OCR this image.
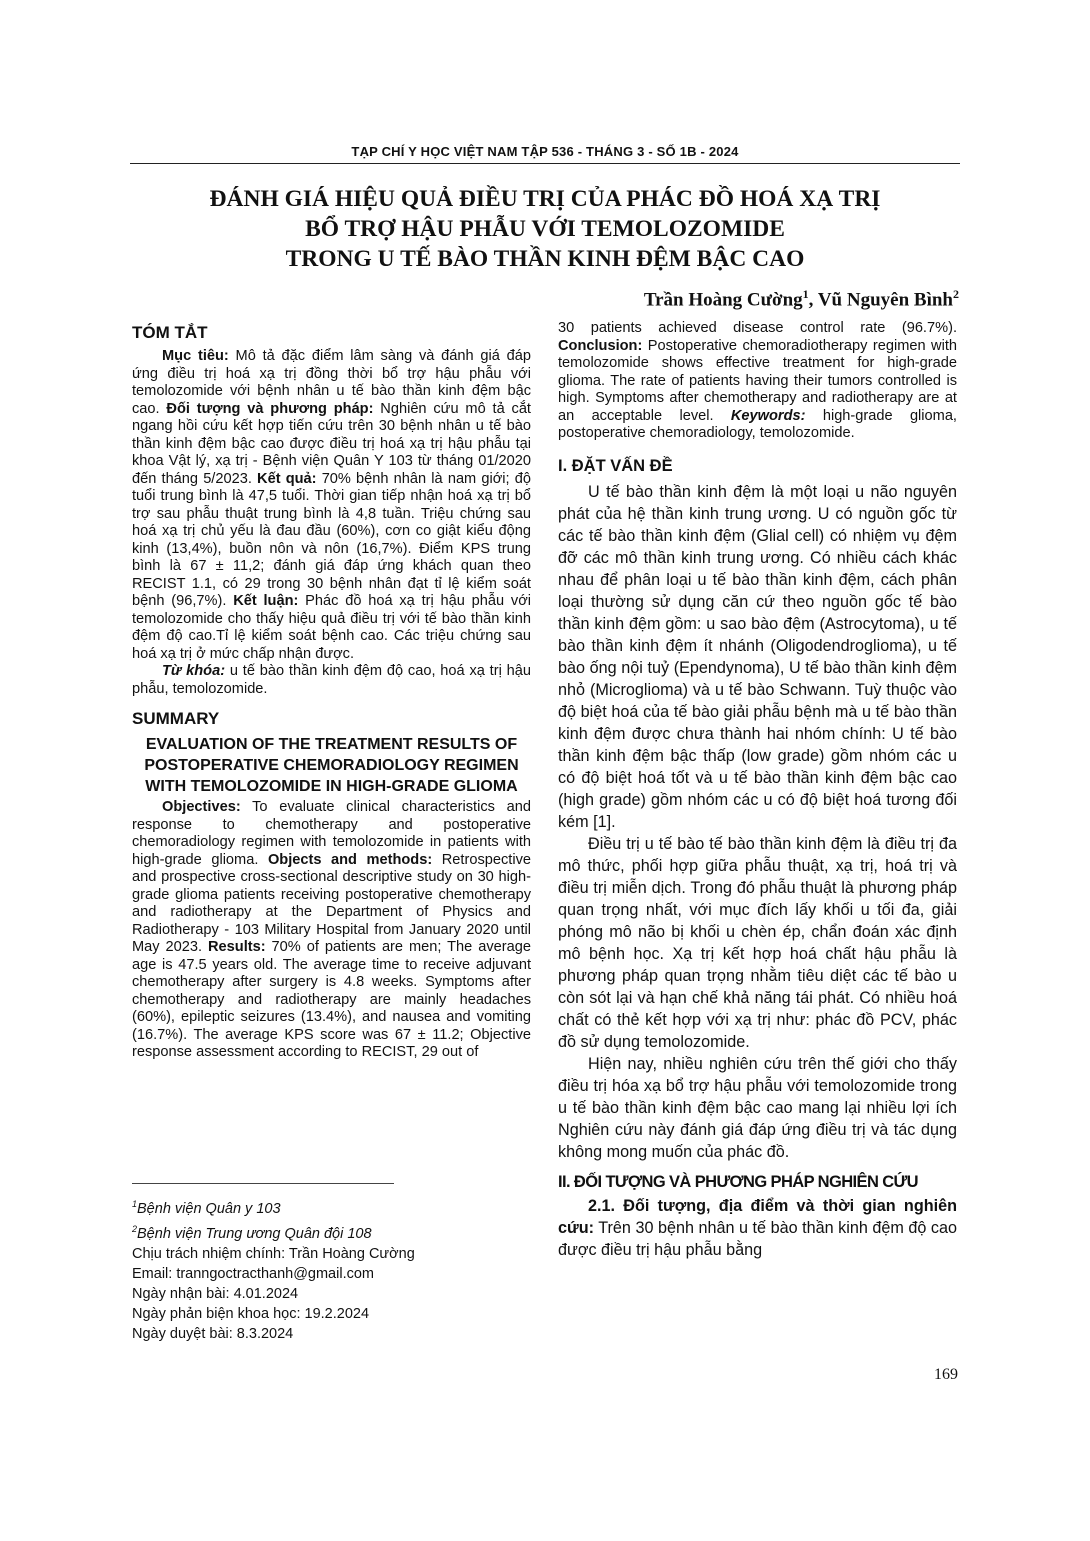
TẠP CHÍ Y HỌC VIỆT NAM TẬP 536 - THÁNG 3 - SỐ 1B - 2024
ĐÁNH GIÁ HIỆU QUẢ ĐIỀU TRỊ CỦA PHÁC ĐỒ HOÁ XẠ TRỊ
BỔ TRỢ HẬU PHẪU VỚI TEMOLOZOMIDE
TRONG U TẾ BÀO THẦN KINH ĐỆM BẬC CAO
Trần Hoàng Cường$^1$, Vũ Nguyên Bình$^2$
TÓM TẮT

Mục tiêu: Mô tả đặc điểm lâm sàng và đánh giá đáp ứng điều trị hoá xạ trị đồng thời bổ trợ hậu phẫu với temolozomide với bệnh nhân u tế bào thần kinh đệm bậc cao. Đối tượng và phương pháp: Nghiên cứu mô tả cắt ngang hồi cứu kết hợp tiến cứu trên 30 bệnh nhân u tế bào thần kinh đệm bậc cao được điều trị hoá xạ trị hậu phẫu tại khoa Vật lý, xạ trị - Bệnh viện Quân Y 103 từ tháng 01/2020 đến tháng 5/2023. Kết quả: 70% bệnh nhân là nam giới; độ tuổi trung bình là 47,5 tuổi. Thời gian tiếp nhận hoá xạ trị bổ trợ sau phẫu thuật trung bình là 4,8 tuần. Triệu chứng sau hoá xạ trị chủ yếu là đau đầu (60%), cơn co giật kiểu động kinh (13,4%), buồn nôn và nôn (16,7%). Điểm KPS trung bình là 67 ± 11,2; đánh giá đáp ứng khách quan theo RECIST 1.1, có 29 trong 30 bệnh nhân đạt tỉ lệ kiểm soát bệnh (96,7%). Kết luận: Phác đồ hoá xạ trị hậu phẫu với temolozomide cho thấy hiệu quả điều trị với tế bào thần kinh đệm độ cao.Tỉ lệ kiểm soát bệnh cao. Các triệu chứng sau hoá xạ trị ở mức chấp nhận được.

Từ khóa: u tế bào thần kinh đệm độ cao, hoá xạ trị hậu phẫu, temolozomide.

SUMMARY
EVALUATION OF THE TREATMENT RESULTS OF POSTOPERATIVE CHEMORADIOLOGY REGIMEN WITH TEMOLOZOMIDE IN HIGH-GRADE GLIOMA

Objectives: To evaluate clinical characteristics and response to chemotherapy and postoperative chemoradiology regimen with temolozomide in patients with high-grade glioma. Objects and methods: Retrospective and prospective cross-sectional descriptive study on 30 high-grade glioma patients receiving postoperative chemotherapy and radiotherapy at the Department of Physics and Radiotherapy - 103 Military Hospital from January 2020 until May 2023. Results: 70% of patients are men; The average age is 47.5 years old. The average time to receive adjuvant chemotherapy after surgery is 4.8 weeks. Symptoms after chemotherapy and radiotherapy are mainly headaches (60%), epileptic seizures (13.4%), and nausea and vomiting (16.7%). The average KPS score was 67 ± 11.2; Objective response assessment according to RECIST, 29 out of

$^1$Bệnh viện Quân y 103
$^2$Bệnh viện Trung ương Quân đội 108
Chịu trách nhiệm chính: Trần Hoàng Cường
Email: tranngoctracthanh@gmail.com
Ngày nhận bài: 4.01.2024
Ngày phản biện khoa học: 19.2.2024
Ngày duyệt bài: 8.3.2024

30 patients achieved disease control rate (96.7%). Conclusion: Postoperative chemoradiotherapy regimen with temolozomide shows effective treatment for high-grade glioma. The rate of patients having their tumors controlled is high. Symptoms after chemotherapy and radiotherapy are at an acceptable level. Keywords: high-grade glioma, postoperative chemoradiology, temolozomide.

I. ĐẶT VẤN ĐỀ

U tế bào thần kinh đệm là một loại u não nguyên phát của hệ thần kinh trung ương. U có nguồn gốc từ các tế bào thần kinh đệm (Glial cell) có nhiệm vụ đệm đỡ các mô thần kinh trung ương. Có nhiều cách khác nhau để phân loại u tế bào thần kinh đệm, cách phân loại thường sử dụng căn cứ theo nguồn gốc tế bào thần kinh đệm gồm: u sao bào đệm (Astrocytoma), u tế bào thần kinh đệm ít nhánh (Oligodendroglioma), u tế bào ống nội tuỷ (Ependynoma), U tế bào thần kinh đệm nhỏ (Microglioma) và u tế bào Schwann. Tuỳ thuộc vào độ biệt hoá của tế bào giải phẫu bệnh mà u tế bào thần kinh đệm được chưa thành hai nhóm chính: U tế bào thần kinh đệm bậc thấp (low grade) gồm nhóm các u có độ biệt hoá tốt và u tế bào thần kinh đệm bậc cao (high grade) gồm nhóm các u có độ biệt hoá tương đối kém [1].

Điều trị u tế bào tế bào thần kinh đệm là điều trị đa mô thức, phối hợp giữa phẫu thuật, xạ trị, hoá trị và điều trị miễn dịch. Trong đó phẫu thuật là phương pháp quan trọng nhất, với mục đích lấy khối u tối đa, giải phóng mô não bị khối u chèn ép, chẩn đoán xác định mô bệnh học. Xạ trị kết hợp hoá chất hậu phẫu là phương pháp quan trọng nhằm tiêu diệt các tế bào u còn sót lại và hạn chế khả năng tái phát. Có nhiều hoá chất có thẻ kết hợp với xạ trị như: phác đồ PCV, phác đồ sử dụng temolozomide.

Hiện nay, nhiều nghiên cứu trên thế giới cho thấy điều trị hóa xạ bổ trợ hậu phẫu với temolozomide trong u tế bào thần kinh đệm bậc cao mang lại nhiều lợi ích Nghiên cứu này đánh giá đáp ứng điều trị và tác dụng không mong muốn của phác đồ.

II. ĐỐI TƯỢNG VÀ PHƯƠNG PHÁP NGHIÊN CỨU

2.1. Đối tượng, địa điểm và thời gian nghiên cứu: Trên 30 bệnh nhân u tế bào thần kinh đệm độ cao được điều trị hậu phẫu bằng

169
